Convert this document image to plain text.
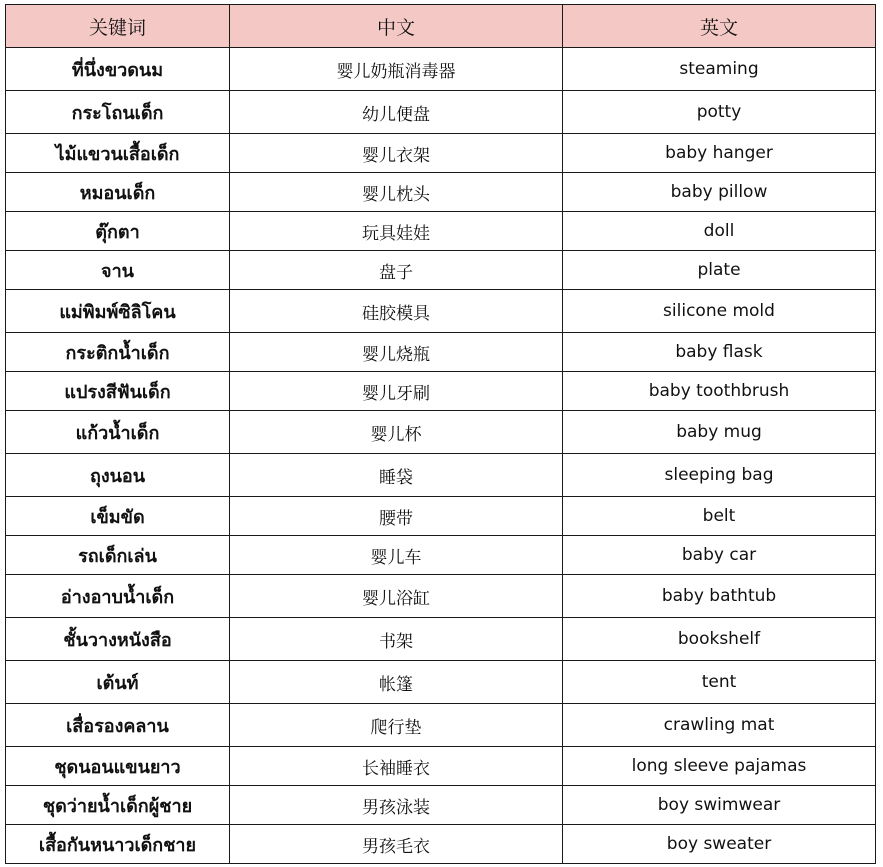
关键词	中文	英文
ที่นึ่งขวดนม	婴儿奶瓶消毒器	steaming
กระโถนเด็ก	幼儿便盘	potty
ไม้แขวนเสื้อเด็ก	婴儿衣架	baby hanger
หมอนเด็ก	婴儿枕头	baby pillow
ตุ๊กตา	玩具娃娃	doll
จาน	盘子	plate
แม่พิมพ์ซิลิโคน	硅胶模具	silicone mold
กระติกน้ำเด็ก	婴儿烧瓶	baby flask
แปรงสีฟันเด็ก	婴儿牙刷	baby toothbrush
แก้วน้ำเด็ก	婴儿杯	baby mug
ถุงนอน	睡袋	sleeping bag
เข็มขัด	腰带	belt
รถเด็กเล่น	婴儿车	baby car
อ่างอาบน้ำเด็ก	婴儿浴缸	baby bathtub
ชั้นวางหนังสือ	书架	bookshelf
เต้นท์	帐篷	tent
เสื่อรองคลาน	爬行垫	crawling mat
ชุดนอนแขนยาว	长袖睡衣	long sleeve pajamas
ชุดว่ายน้ำเด็กผู้ชาย	男孩泳装	boy swimwear
เสื้อกันหนาวเด็กชาย	男孩毛衣	boy sweater
